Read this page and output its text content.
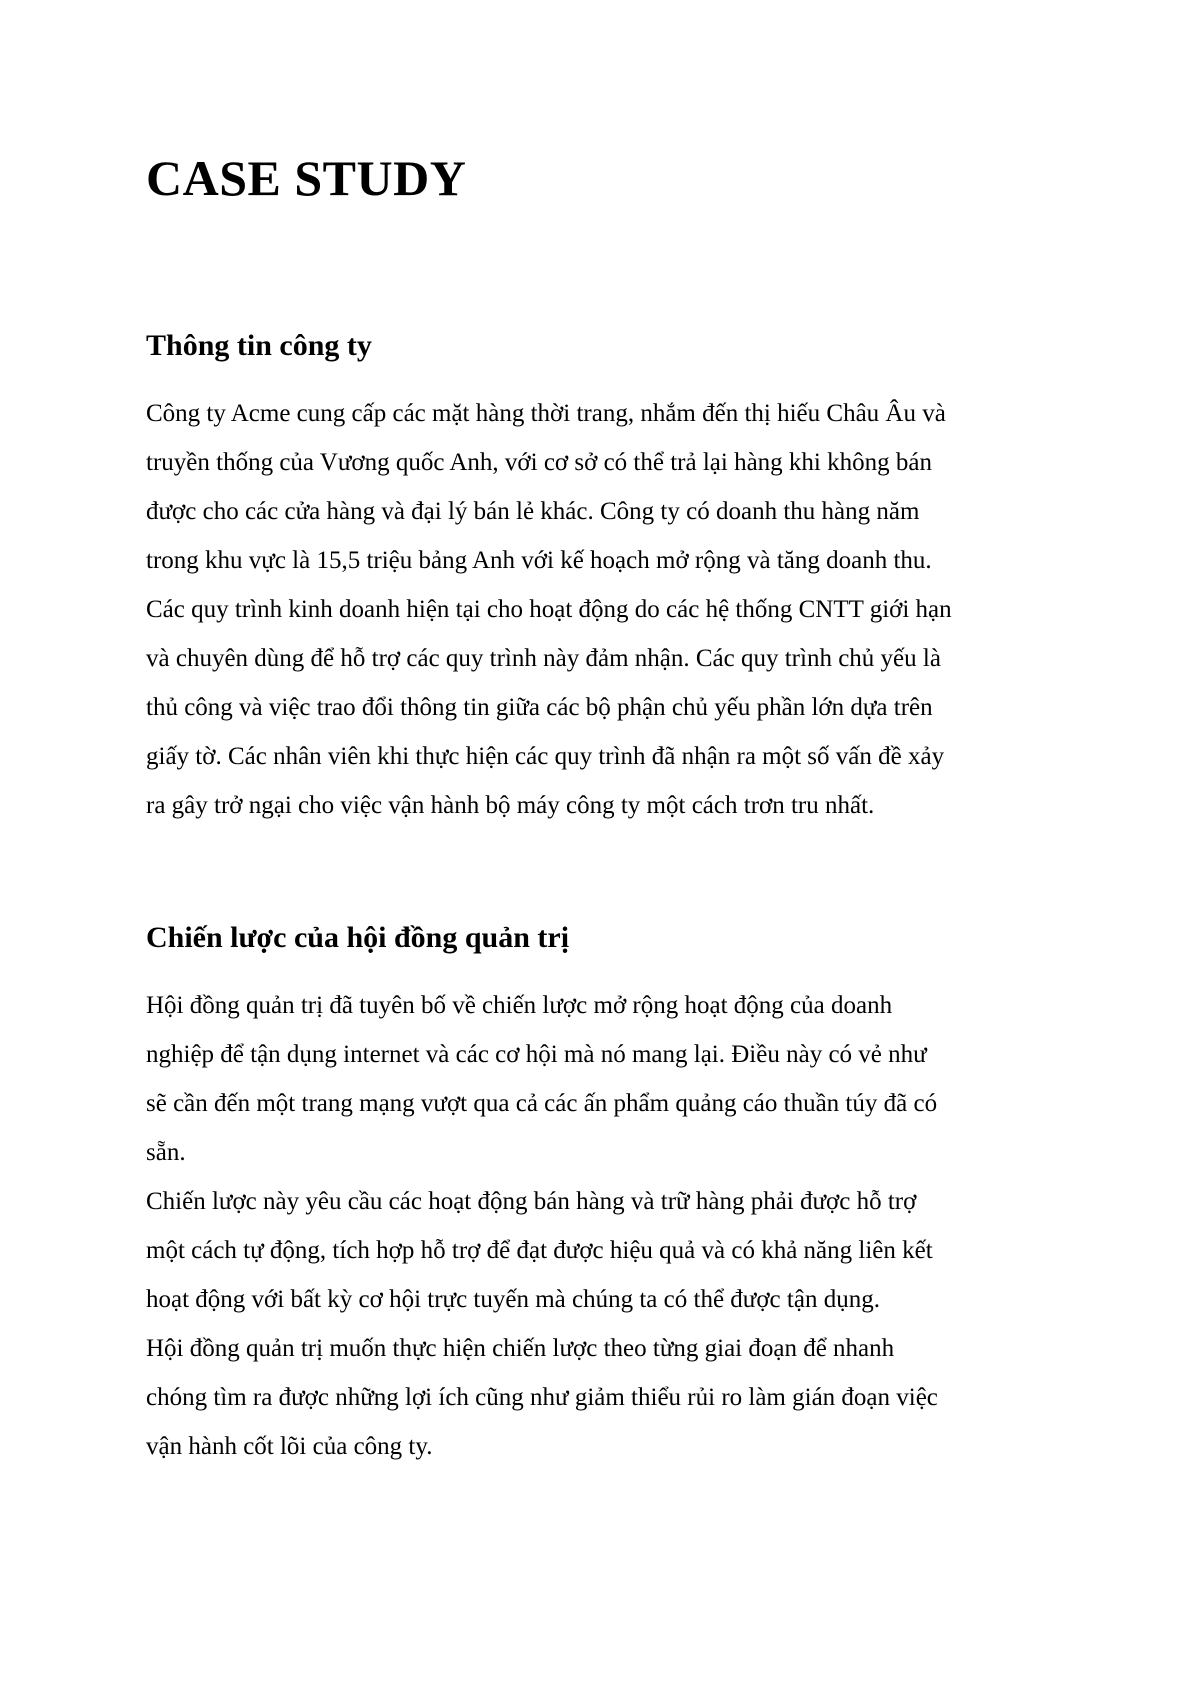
CASE STUDY
Thông tin công ty
Công ty Acme cung cấp các mặt hàng thời trang, nhắm đến thị hiếu Châu Âu và
truyền thống của Vương quốc Anh, với cơ sở có thể trả lại hàng khi không bán
được cho các cửa hàng và đại lý bán lẻ khác. Công ty có doanh thu hàng năm
trong khu vực là 15,5 triệu bảng Anh với kế hoạch mở rộng và tăng doanh thu.
Các quy trình kinh doanh hiện tại cho hoạt động do các hệ thống CNTT giới hạn
và chuyên dùng để hỗ trợ các quy trình này đảm nhận. Các quy trình chủ yếu là
thủ công và việc trao đổi thông tin giữa các bộ phận chủ yếu phần lớn dựa trên
giấy tờ. Các nhân viên khi thực hiện các quy trình đã nhận ra một số vấn đề xảy
ra gây trở ngại cho việc vận hành bộ máy công ty một cách trơn tru nhất.
Chiến lược của hội đồng quản trị
Hội đồng quản trị đã tuyên bố về chiến lược mở rộng hoạt động của doanh
nghiệp để tận dụng internet và các cơ hội mà nó mang lại. Điều này có vẻ như
sẽ cần đến một trang mạng vượt qua cả các ấn phẩm quảng cáo thuần túy đã có
sẵn.
Chiến lược này yêu cầu các hoạt động bán hàng và trữ hàng phải được hỗ trợ
một cách tự động, tích hợp hỗ trợ để đạt được hiệu quả và có khả năng liên kết
hoạt động với bất kỳ cơ hội trực tuyến mà chúng ta có thể được tận dụng.
Hội đồng quản trị muốn thực hiện chiến lược theo từng giai đoạn để nhanh
chóng tìm ra được những lợi ích cũng như giảm thiểu rủi ro làm gián đoạn việc
vận hành cốt lõi của công ty.
